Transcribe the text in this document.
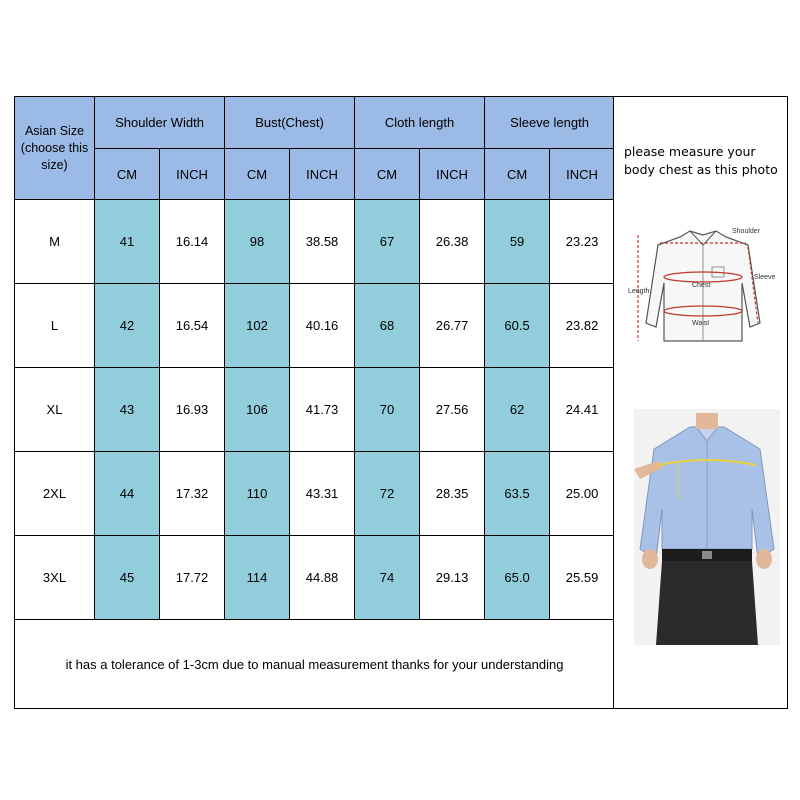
Asian Size (choose this size)	Shoulder Width		Bust(Chest)		Cloth length		Sleeve length	
	CM	INCH	CM	INCH	CM	INCH	CM	INCH
M	41	16.14	98	38.58	67	26.38	59	23.23
L	42	16.54	102	40.16	68	26.77	60.5	23.82
XL	43	16.93	106	41.73	70	27.56	62	24.41
2XL	44	17.32	110	43.31	72	28.35	63.5	25.00
3XL	45	17.72	114	44.88	74	29.13	65.0	25.59
it has a tolerance of 1-3cm due to manual measurement thanks for your understanding								
please measure your body chest as this photo
Shoulder
Chest
Sleeve
Length
Waist
